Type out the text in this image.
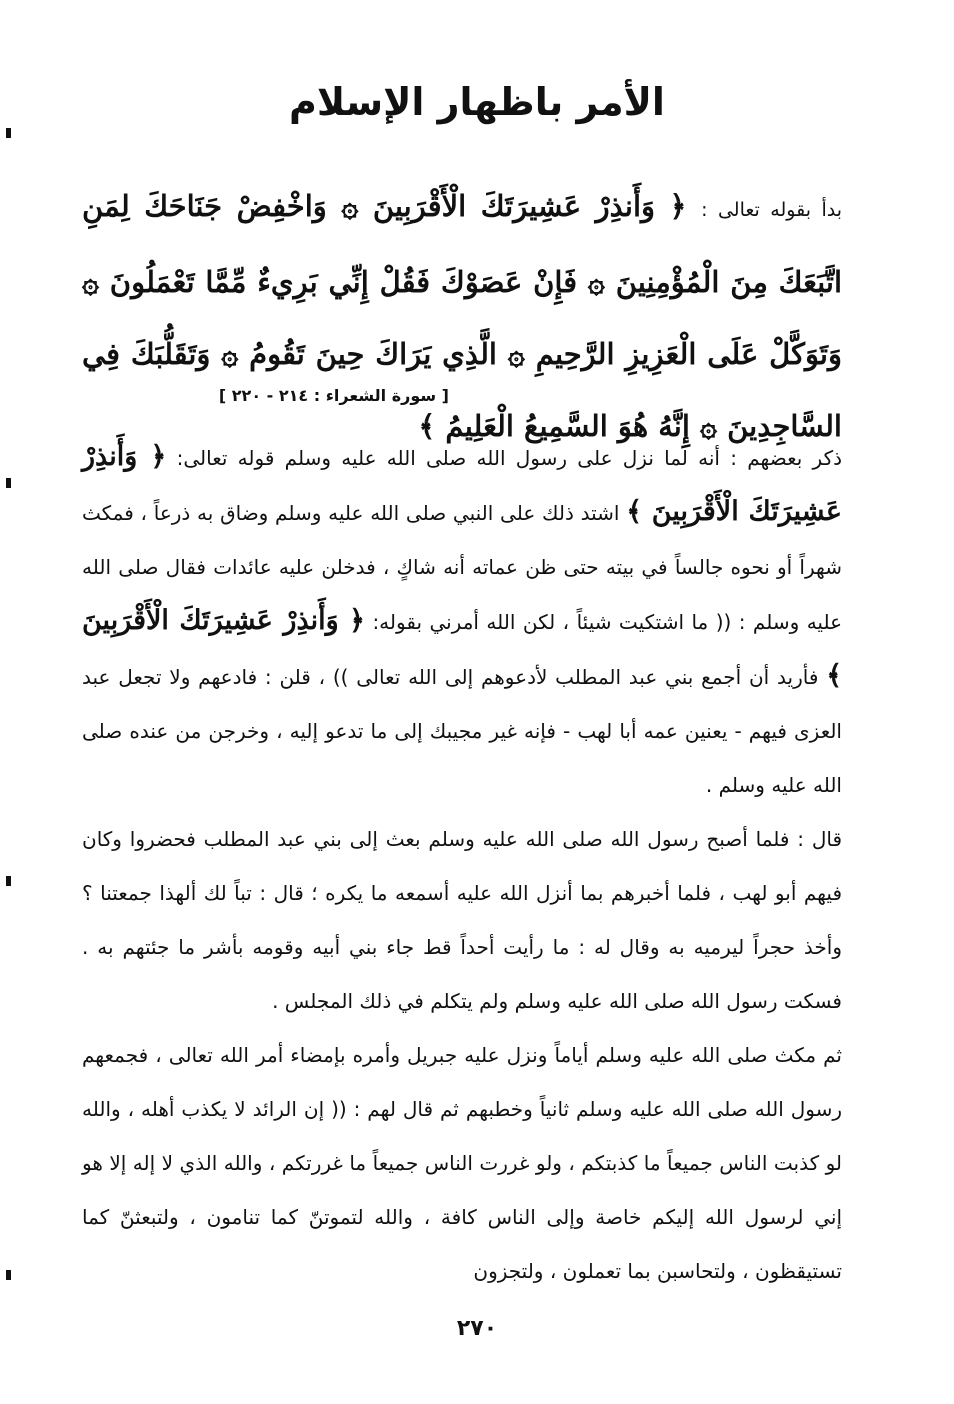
الأمر باظهار الإسلام
بدأ بقوله تعالى : ﴿ وَأَنذِرْ عَشِيرَتَكَ الْأَقْرَبِينَ ۞ وَاخْفِضْ جَنَاحَكَ لِمَنِ اتَّبَعَكَ مِنَ الْمُؤْمِنِينَ ۞ فَإِنْ عَصَوْكَ فَقُلْ إِنِّي بَرِيءٌ مِّمَّا تَعْمَلُونَ ۞ وَتَوَكَّلْ عَلَى الْعَزِيزِ الرَّحِيمِ ۞ الَّذِي يَرَاكَ حِينَ تَقُومُ ۞ وَتَقَلُّبَكَ فِي السَّاجِدِينَ ۞ إِنَّهُ هُوَ السَّمِيعُ الْعَلِيمُ ﴾
[ سورة الشعراء : ٢١٤ - ٢٢٠ ]

ذكر بعضهم : أنه لما نزل على رسول الله صلى الله عليه وسلم قوله تعالى: ﴿ وَأَنذِرْ عَشِيرَتَكَ الْأَقْرَبِينَ ﴾ اشتد ذلك على النبي صلى الله عليه وسلم وضاق به ذرعاً ، فمكث شهراً أو نحوه جالساً في بيته حتى ظن عماته أنه شاكٍ ، فدخلن عليه عائدات فقال صلى الله عليه وسلم : (( ما اشتكيت شيئاً ، لكن الله أمرني بقوله: ﴿ وَأَنذِرْ عَشِيرَتَكَ الْأَقْرَبِينَ ﴾ فأريد أن أجمع بني عبد المطلب لأدعوهم إلى الله تعالى )) ، قلن : فادعهم ولا تجعل عبد العزى فيهم - يعنين عمه أبا لهب - فإنه غير مجيبك إلى ما تدعو إليه ، وخرجن من عنده صلى الله عليه وسلم .

قال : فلما أصبح رسول الله صلى الله عليه وسلم بعث إلى بني عبد المطلب فحضروا وكان فيهم أبو لهب ، فلما أخبرهم بما أنزل الله عليه أسمعه ما يكره ؛ قال : تباً لك ألهذا جمعتنا ؟ وأخذ حجراً ليرميه به وقال له : ما رأيت أحداً قط جاء بني أبيه وقومه بأشر ما جئتهم به . فسكت رسول الله صلى الله عليه وسلم ولم يتكلم في ذلك المجلس .

ثم مكث صلى الله عليه وسلم أياماً ونزل عليه جبريل وأمره بإمضاء أمر الله تعالى ، فجمعهم رسول الله صلى الله عليه وسلم ثانياً وخطبهم ثم قال لهم : (( إن الرائد لا يكذب أهله ، والله لو كذبت الناس جميعاً ما كذبتكم ، ولو غررت الناس جميعاً ما غررتكم ، والله الذي لا إله إلا هو إني لرسول الله إليكم خاصة وإلى الناس كافة ، والله لتموتنّ كما تنامون ، ولتبعثنّ كما تستيقظون ، ولتحاسبن بما تعملون ، ولتجزون

٢٧٠
